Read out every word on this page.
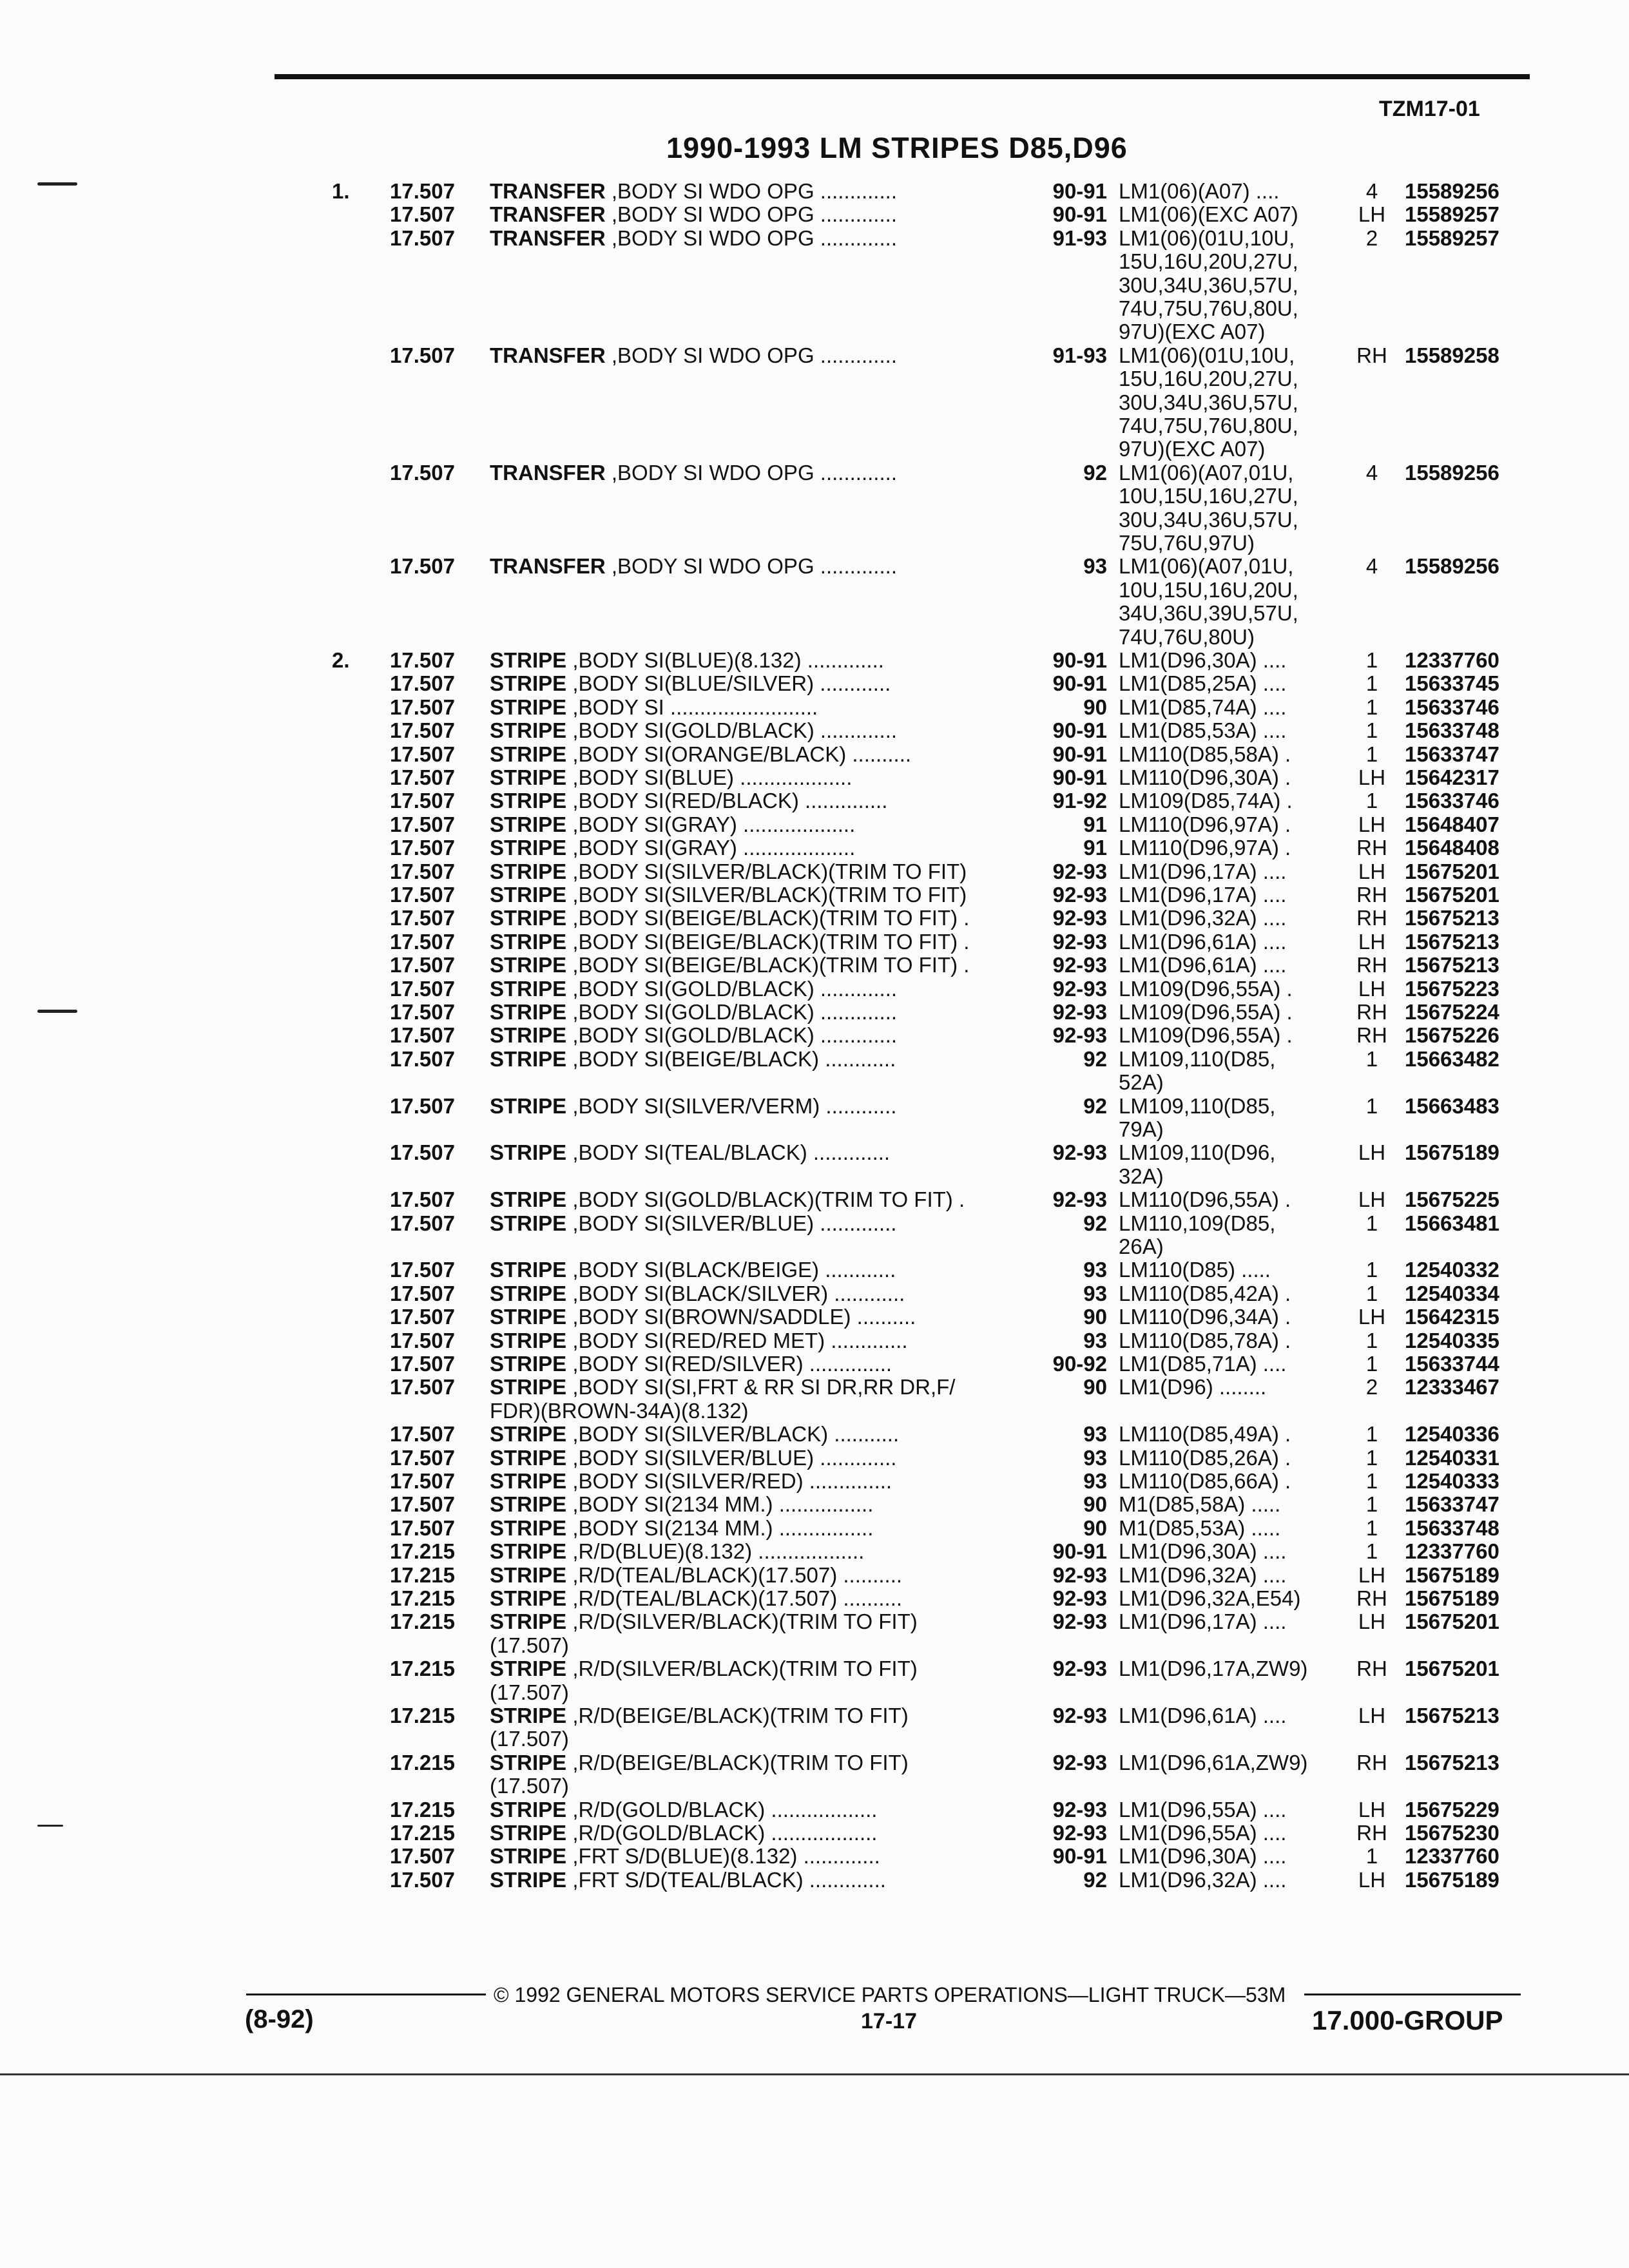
TZM17-01
1990-1993 LM STRIPES D85,D96
1. 17.507 TRANSFER ,BODY SI WDO OPG .............	90-91 LM1(06)(A07) ....	4	15589256
17.507 TRANSFER ,BODY SI WDO OPG .............	90-91 LM1(06)(EXC A07)	LH 15589257
17.507 TRANSFER ,BODY SI WDO OPG .............	91-93 LM1(06)(01U,10U,	2	15589257
15U,16U,20U,27U,
30U,34U,36U,57U,
74U,75U,76U,80U,
97U)(EXC A07)
17.507 TRANSFER ,BODY SI WDO OPG .............	91-93 LM1(06)(01U,10U,	RH 15589258
15U,16U,20U,27U,
30U,34U,36U,57U,
74U,75U,76U,80U,
97U)(EXC A07)
17.507 TRANSFER ,BODY SI WDO OPG .............	92 LM1(06)(A07,01U,	4	15589256
10U,15U,16U,27U,
30U,34U,36U,57U,
75U,76U,97U)
17.507 TRANSFER ,BODY SI WDO OPG .............	93 LM1(06)(A07,01U,	4	15589256
10U,15U,16U,20U,
34U,36U,39U,57U,
74U,76U,80U)
2. 17.507 STRIPE ,BODY SI(BLUE)(8.132) .............	90-91 LM1(D96,30A) ....	1	12337760
17.507 STRIPE ,BODY SI(BLUE/SILVER) ............	90-91 LM1(D85,25A) ....	1	15633745
17.507 STRIPE ,BODY SI .........................	90 LM1(D85,74A) ....	1	15633746
17.507 STRIPE ,BODY SI(GOLD/BLACK) .............	90-91 LM1(D85,53A) ....	1	15633748
17.507 STRIPE ,BODY SI(ORANGE/BLACK) ..........	90-91 LM110(D85,58A) .	1	15633747
17.507 STRIPE ,BODY SI(BLUE) ...................	90-91 LM110(D96,30A) .	LH 15642317
17.507 STRIPE ,BODY SI(RED/BLACK) ..............	91-92 LM109(D85,74A) .	1	15633746
17.507 STRIPE ,BODY SI(GRAY) ...................	91 LM110(D96,97A) .	LH 15648407
17.507 STRIPE ,BODY SI(GRAY) ...................	91 LM110(D96,97A) .	RH 15648408
17.507 STRIPE ,BODY SI(SILVER/BLACK)(TRIM TO FIT)	92-93 LM1(D96,17A) ....	LH 15675201
17.507 STRIPE ,BODY SI(SILVER/BLACK)(TRIM TO FIT)	92-93 LM1(D96,17A) ....	RH 15675201
17.507 STRIPE ,BODY SI(BEIGE/BLACK)(TRIM TO FIT) .	92-93 LM1(D96,32A) ....	RH 15675213
17.507 STRIPE ,BODY SI(BEIGE/BLACK)(TRIM TO FIT) .	92-93 LM1(D96,61A) ....	LH 15675213
17.507 STRIPE ,BODY SI(BEIGE/BLACK)(TRIM TO FIT) .	92-93 LM1(D96,61A) ....	RH 15675213
17.507 STRIPE ,BODY SI(GOLD/BLACK) .............	92-93 LM109(D96,55A) .	LH 15675223
17.507 STRIPE ,BODY SI(GOLD/BLACK) .............	92-93 LM109(D96,55A) .	RH 15675224
17.507 STRIPE ,BODY SI(GOLD/BLACK) .............	92-93 LM109(D96,55A) .	RH 15675226
17.507 STRIPE ,BODY SI(BEIGE/BLACK) ............	92 LM109,110(D85,	1	15663482
52A)
17.507 STRIPE ,BODY SI(SILVER/VERM) ............	92 LM109,110(D85,	1	15663483
79A)
17.507 STRIPE ,BODY SI(TEAL/BLACK) .............	92-93 LM109,110(D96,	LH 15675189
32A)
17.507 STRIPE ,BODY SI(GOLD/BLACK)(TRIM TO FIT) .	92-93 LM110(D96,55A) .	LH 15675225
17.507 STRIPE ,BODY SI(SILVER/BLUE) .............	92 LM110,109(D85,	1	15663481
26A)
17.507 STRIPE ,BODY SI(BLACK/BEIGE) ............	93 LM110(D85) .....	1	12540332
17.507 STRIPE ,BODY SI(BLACK/SILVER) ............	93 LM110(D85,42A) .	1	12540334
17.507 STRIPE ,BODY SI(BROWN/SADDLE) ..........	90 LM110(D96,34A) .	LH 15642315
17.507 STRIPE ,BODY SI(RED/RED MET) .............	93 LM110(D85,78A) .	1	12540335
17.507 STRIPE ,BODY SI(RED/SILVER) ..............	90-92 LM1(D85,71A) ....	1	15633744
17.507 STRIPE ,BODY SI(SI,FRT & RR SI DR,RR DR,F/	90 LM1(D96) ........	2	12333467
FDR)(BROWN-34A)(8.132)
17.507 STRIPE ,BODY SI(SILVER/BLACK) ...........	93 LM110(D85,49A) .	1	12540336
17.507 STRIPE ,BODY SI(SILVER/BLUE) .............	93 LM110(D85,26A) .	1	12540331
17.507 STRIPE ,BODY SI(SILVER/RED) ..............	93 LM110(D85,66A) .	1	12540333
17.507 STRIPE ,BODY SI(2134 MM.) ................	90 M1(D85,58A) .....	1	15633747
17.507 STRIPE ,BODY SI(2134 MM.) ................	90 M1(D85,53A) .....	1	15633748
17.215 STRIPE ,R/D(BLUE)(8.132) ..................	90-91 LM1(D96,30A) ....	1	12337760
17.215 STRIPE ,R/D(TEAL/BLACK)(17.507) ..........	92-93 LM1(D96,32A) ....	LH 15675189
17.215 STRIPE ,R/D(TEAL/BLACK)(17.507) ..........	92-93 LM1(D96,32A,E54)	RH 15675189
17.215 STRIPE ,R/D(SILVER/BLACK)(TRIM TO FIT)	92-93 LM1(D96,17A) ....	LH 15675201
(17.507)
17.215 STRIPE ,R/D(SILVER/BLACK)(TRIM TO FIT)	92-93 LM1(D96,17A,ZW9)	RH 15675201
(17.507)
17.215 STRIPE ,R/D(BEIGE/BLACK)(TRIM TO FIT)	92-93 LM1(D96,61A) ....	LH 15675213
(17.507)
17.215 STRIPE ,R/D(BEIGE/BLACK)(TRIM TO FIT)	92-93 LM1(D96,61A,ZW9)	RH 15675213
(17.507)
17.215 STRIPE ,R/D(GOLD/BLACK) ..................	92-93 LM1(D96,55A) ....	LH 15675229
17.215 STRIPE ,R/D(GOLD/BLACK) ..................	92-93 LM1(D96,55A) ....	RH 15675230
17.507 STRIPE ,FRT S/D(BLUE)(8.132) .............	90-91 LM1(D96,30A) ....	1	12337760
17.507 STRIPE ,FRT S/D(TEAL/BLACK) .............	92 LM1(D96,32A) ....	LH 15675189
© 1992 GENERAL MOTORS SERVICE PARTS OPERATIONS—LIGHT TRUCK—53M
(8-92)	17-17	17.000-GROUP
